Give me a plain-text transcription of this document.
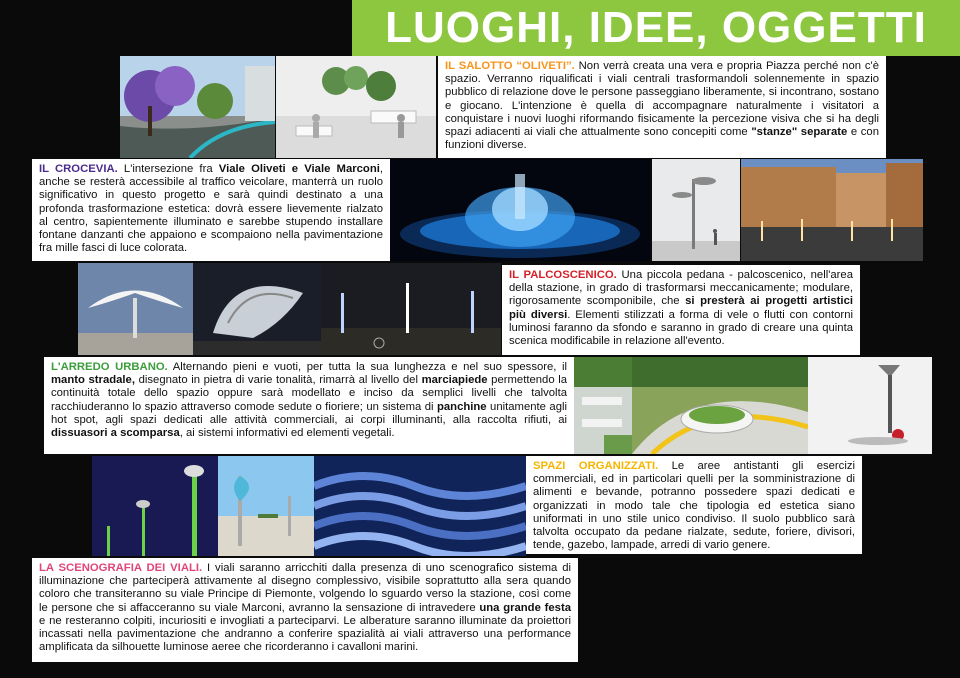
LUOGHI, IDEE, OGGETTI
IL SALOTTO “OLIVETI”. Non verrà creata una vera e propria Piazza perché non c'è spazio. Verranno riqualificati i viali centrali trasformandoli solennemente in spazio pubblico di relazione dove le persone passeggiano liberamente, si incontrano, sostano e giocano. L'intenzione è quella di accompagnare naturalmente i visitatori a conquistare i nuovi luoghi riformando fisicamente la percezione visiva che si ha degli spazi adiacenti ai viali che attualmente sono concepiti come "stanze" separate e con funzioni diverse.
IL CROCEVIA. L'intersezione fra Viale Oliveti e Viale Marconi, anche se resterà accessibile al traffico veicolare, manterrà un ruolo significativo in questo progetto e sarà quindi destinato a una profonda trasformazione estetica: dovrà essere lievemente rialzato al centro, sapientemente illuminato e sarebbe stupendo installare fontane danzanti che appaiono e scompaiono nella pavimentazione fra mille fasci di luce colorata.
IL PALCOSCENICO. Una piccola pedana - palcoscenico, nell'area della stazione, in grado di trasformarsi meccanicamente; modulare, rigorosamente scomponibile, che si presterà ai progetti artistici più diversi. Elementi stilizzati a forma di vele o flutti con contorni luminosi faranno da sfondo e saranno in grado di creare una quinta scenica modificabile in relazione all'evento.
L'ARREDO URBANO. Alternando pieni e vuoti, per tutta la sua lunghezza e nel suo spessore, il manto stradale, disegnato in pietra di varie tonalità, rimarrà al livello del marciapiede permettendo la continuità totale dello spazio oppure sarà modellato e inciso da semplici livelli che talvolta racchiuderanno lo spazio attraverso comode sedute o fioriere; un sistema di panchine unitamente agli hot spot, agli spazi dedicati alle attività commerciali, ai corpi illuminanti, alla raccolta rifiuti, ai dissuasori a scomparsa, ai sistemi informativi ed elementi vegetali.
SPAZI ORGANIZZATI. Le aree antistanti gli esercizi commerciali, ed in particolari quelli per la somministrazione di alimenti e bevande, potranno possedere spazi dedicati e organizzati in modo tale che tipologia ed estetica siano uniformati in uno stile unico condiviso. Il suolo pubblico sarà talvolta occupato da pedane rialzate, sedute, foriere, divisori, tende, gazebo, lampade, arredi di vario genere.
LA SCENOGRAFIA DEI VIALI. I viali saranno arricchiti dalla presenza di uno scenografico sistema di illuminazione che parteciperà attivamente al disegno complessivo, visibile soprattutto alla sera quando coloro che transiteranno su viale Principe di Piemonte, volgendo lo sguardo verso la stazione, così come le persone che si affacceranno su viale Marconi, avranno la sensazione di intravedere una grande festa e ne resteranno colpiti, incuriositi e invogliati a parteciparvi. Le alberature saranno illuminate da proiettori incassati nella pavimentazione che andranno a conferire spazialità ai viali attraverso una performance amplificata da silhouette luminose aeree che ricorderanno i cavalloni marini.
